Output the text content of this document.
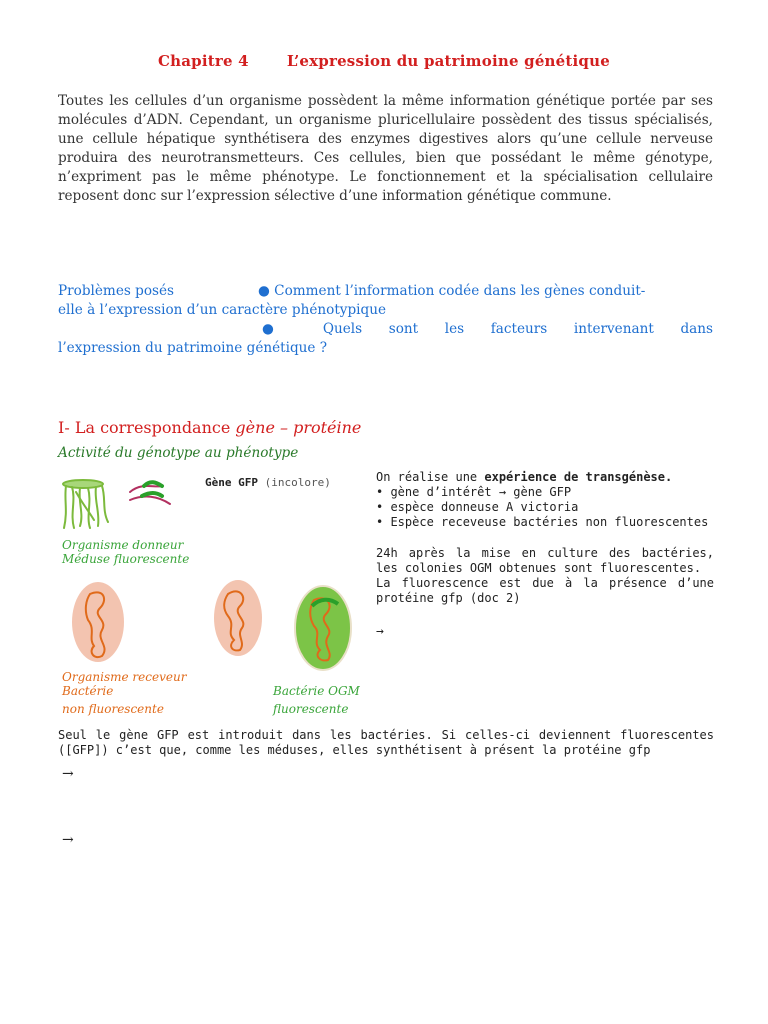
Chapitre 4	L’expression du patrimoine génétique
Toutes les cellules d’un organisme possèdent la même information génétique portée par ses molécules d’ADN. Cependant, un organisme pluricellulaire possèdent des tissus spécialisés, une cellule hépatique synthétisera des enzymes digestives alors qu’une cellule nerveuse produira des neurotransmetteurs. Ces cellules, bien que possédant le même génotype, n’expriment pas le même phénotype. Le fonctionnement et la spécialisation cellulaire reposent donc sur l’expression sélective d’une information génétique commune.
Problèmes posés	● Comment l’information codée dans les gènes conduit-
elle à l’expression d’un caractère phénotypique
● Quels sont les facteurs intervenant dans
l’expression du patrimoine génétique ?
I- La correspondance gène – protéine
Activité du génotype au phénotype
Organisme donneur
Méduse fluorescente
Organisme receveur
Bactérie
non fluorescente
Bactérie OGM
fluorescente
Gène GFP (incolore)	On réalise une expérience de transgénèse.

• gène d’intérêt → gène GFP

• espèce donneuse A victoria

• Espèce receveuse bactéries non fluorescentes

24h après la mise en culture des bactéries, les colonies OGM obtenues sont fluorescentes.

La fluorescence est due à la présence d’une protéine gfp (doc 2)

→

Seul le gène GFP est introduit dans les bactéries. Si celles-ci deviennent fluorescentes ([GFP]) c’est que, comme les méduses, elles synthétisent à présent la protéine gfp
→
→
